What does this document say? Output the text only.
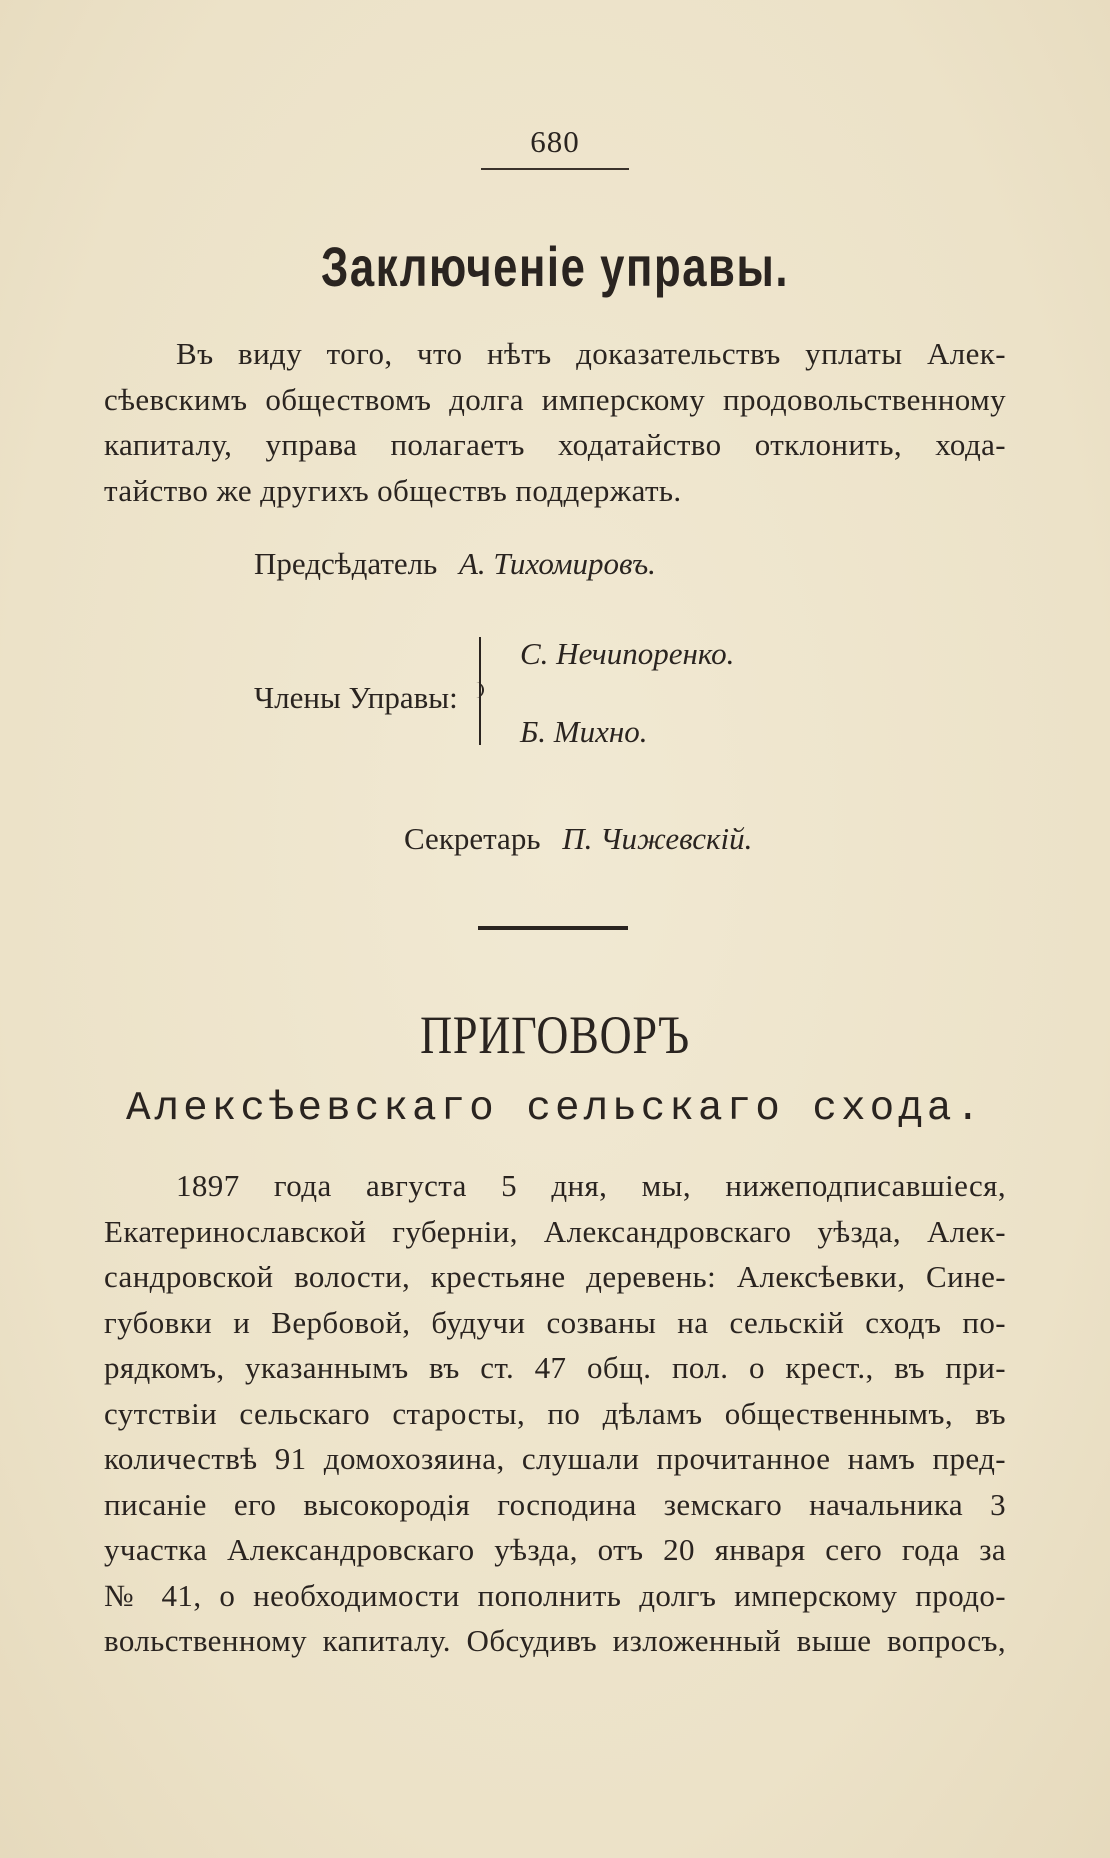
680
Заключеніе управы.
Въ виду того, что нѣтъ доказательствъ уплаты Алек-
сѣевскимъ обществомъ долга имперскому продовольственному
капиталу, управа полагаетъ ходатайство отклонить, хода-
тайство же другихъ обществъ поддержать.
Предсѣдатель А. Тихомировъ.
Члены Управы:
С. Нечипоренко.
Б. Михно.
Секретарь П. Чижевскій.
ПРИГОВОРЪ
Алексѣевскаго сельскаго схода.
1897 года августа 5 дня, мы, нижеподписавшіеся,
Екатеринославской губерніи, Александровскаго уѣзда, Алек-
сандровской волости, крестьяне деревень: Алексѣевки, Сине-
губовки и Вербовой, будучи созваны на сельскій сходъ по-
рядкомъ, указаннымъ въ ст. 47 общ. пол. о крест., въ при-
сутствіи сельскаго старосты, по дѣламъ общественнымъ, въ
количествѣ 91 домохозяина, слушали прочитанное намъ пред-
писаніе его высокородія господина земскаго начальника 3
участка Александровскаго уѣзда, отъ 20 января сего года за
№ 41, о необходимости пополнить долгъ имперскому продо-
вольственному капиталу. Обсудивъ изложенный выше вопросъ,
